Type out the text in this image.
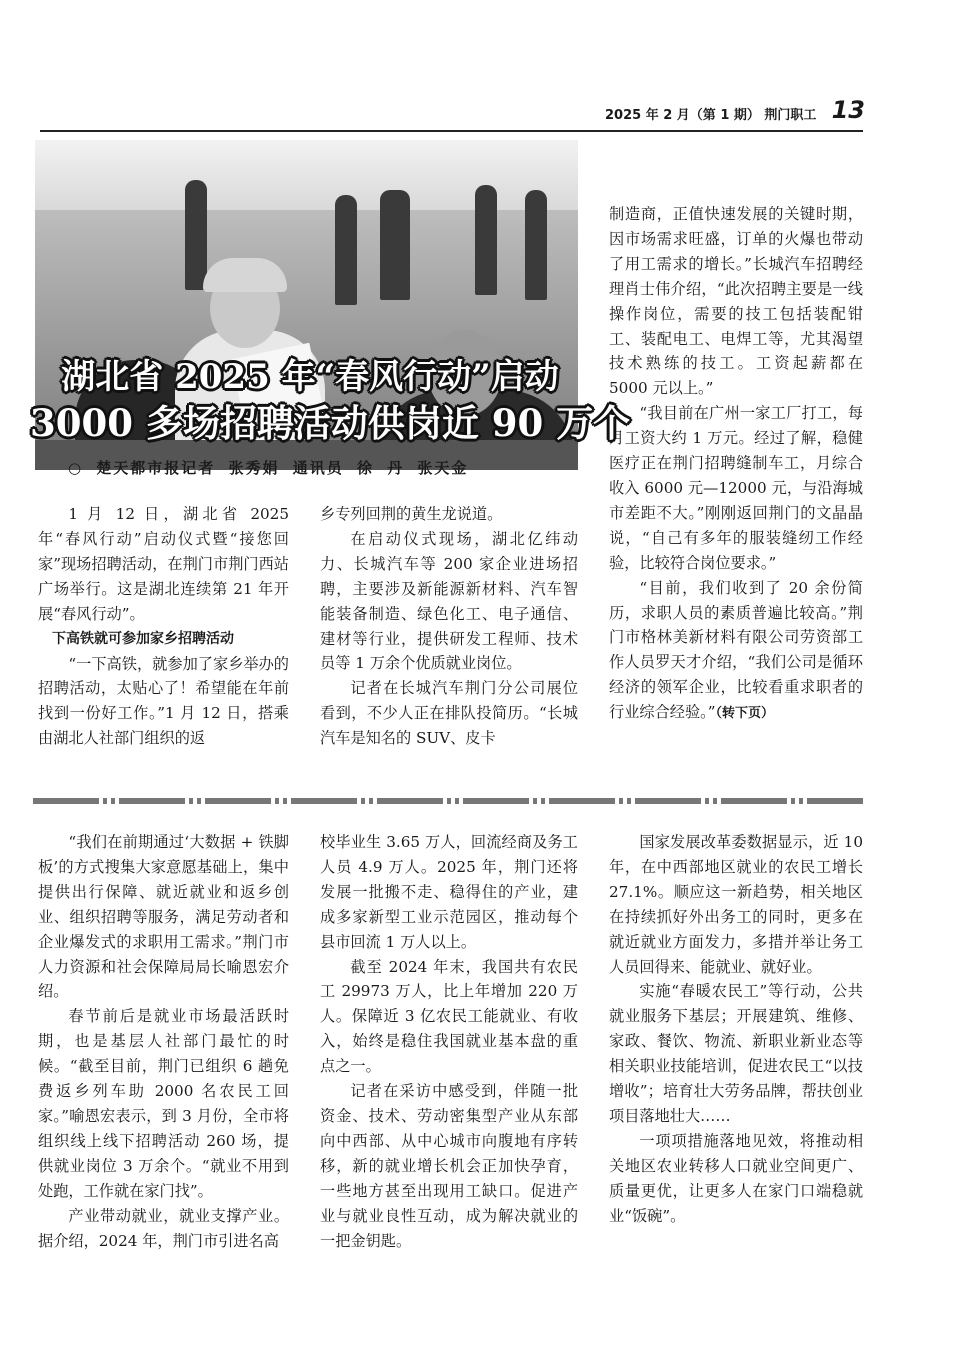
2025 年 2 月（第 1 期） 荆门职工 13
湖北省 2025 年“春风行动”启动
3000 多场招聘活动供岗近 90 万个
○ 楚天都市报记者 张秀娟 通讯员 徐 丹 张天金

1 月 12 日，湖北省 2025 年“春风行动”启动仪式暨“接您回家”现场招聘活动，在荆门市荆门西站广场举行。这是湖北连续第 21 年开展“春风行动”。

下高铁就可参加家乡招聘活动

“一下高铁，就参加了家乡举办的招聘活动，太贴心了！希望能在年前找到一份好工作。”1 月 12 日，搭乘由湖北人社部门组织的返

乡专列回荆的黄生龙说道。

在启动仪式现场，湖北亿纬动力、长城汽车等 200 家企业进场招聘，主要涉及新能源新材料、汽车智能装备制造、绿色化工、电子通信、建材等行业，提供研发工程师、技术员等 1 万余个优质就业岗位。

记者在长城汽车荆门分公司展位看到，不少人正在排队投简历。“长城汽车是知名的 SUV、皮卡

制造商，正值快速发展的关键时期，因市场需求旺盛，订单的火爆也带动了用工需求的增长。”长城汽车招聘经理肖士伟介绍，“此次招聘主要是一线操作岗位，需要的技工包括装配钳工、装配电工、电焊工等，尤其渴望技术熟练的技工。工资起薪都在 5000 元以上。”

“我目前在广州一家工厂打工，每月工资大约 1 万元。经过了解，稳健医疗正在荆门招聘缝制车工，月综合收入 6000 元—12000 元，与沿海城市差距不大。”刚刚返回荆门的文晶晶说，“自己有多年的服装缝纫工作经验，比较符合岗位要求。”

“目前，我们收到了 20 余份简历，求职人员的素质普遍比较高。”荆门市格林美新材料有限公司劳资部工作人员罗天才介绍，“我们公司是循环经济的领军企业，比较看重求职者的行业综合经验。”（转下页）

“我们在前期通过‘大数据 + 铁脚板’的方式搜集大家意愿基础上，集中提供出行保障、就近就业和返乡创业、组织招聘等服务，满足劳动者和企业爆发式的求职用工需求。”荆门市人力资源和社会保障局局长喻恩宏介绍。

春节前后是就业市场最活跃时期，也是基层人社部门最忙的时候。“截至目前，荆门已组织 6 趟免费返乡列车助 2000 名农民工回家。”喻恩宏表示，到 3 月份，全市将组织线上线下招聘活动 260 场，提供就业岗位 3 万余个。“就业不用到处跑，工作就在家门找”。

产业带动就业，就业支撑产业。据介绍，2024 年，荆门市引进名高

校毕业生 3.65 万人，回流经商及务工人员 4.9 万人。2025 年，荆门还将发展一批搬不走、稳得住的产业，建成多家新型工业示范园区，推动每个县市回流 1 万人以上。

截至 2024 年末，我国共有农民工 29973 万人，比上年增加 220 万人。保障近 3 亿农民工能就业、有收入，始终是稳住我国就业基本盘的重点之一。

记者在采访中感受到，伴随一批资金、技术、劳动密集型产业从东部向中西部、从中心城市向腹地有序转移，新的就业增长机会正加快孕育，一些地方甚至出现用工缺口。促进产业与就业良性互动，成为解决就业的一把金钥匙。

国家发展改革委数据显示，近 10 年，在中西部地区就业的农民工增长 27.1%。顺应这一新趋势，相关地区在持续抓好外出务工的同时，更多在就近就业方面发力，多措并举让务工人员回得来、能就业、就好业。

实施“春暖农民工”等行动，公共就业服务下基层；开展建筑、维修、家政、餐饮、物流、新职业新业态等相关职业技能培训，促进农民工“以技增收”；培育壮大劳务品牌，帮扶创业项目落地壮大……

一项项措施落地见效，将推动相关地区农业转移人口就业空间更广、质量更优，让更多人在家门口端稳就业“饭碗”。
